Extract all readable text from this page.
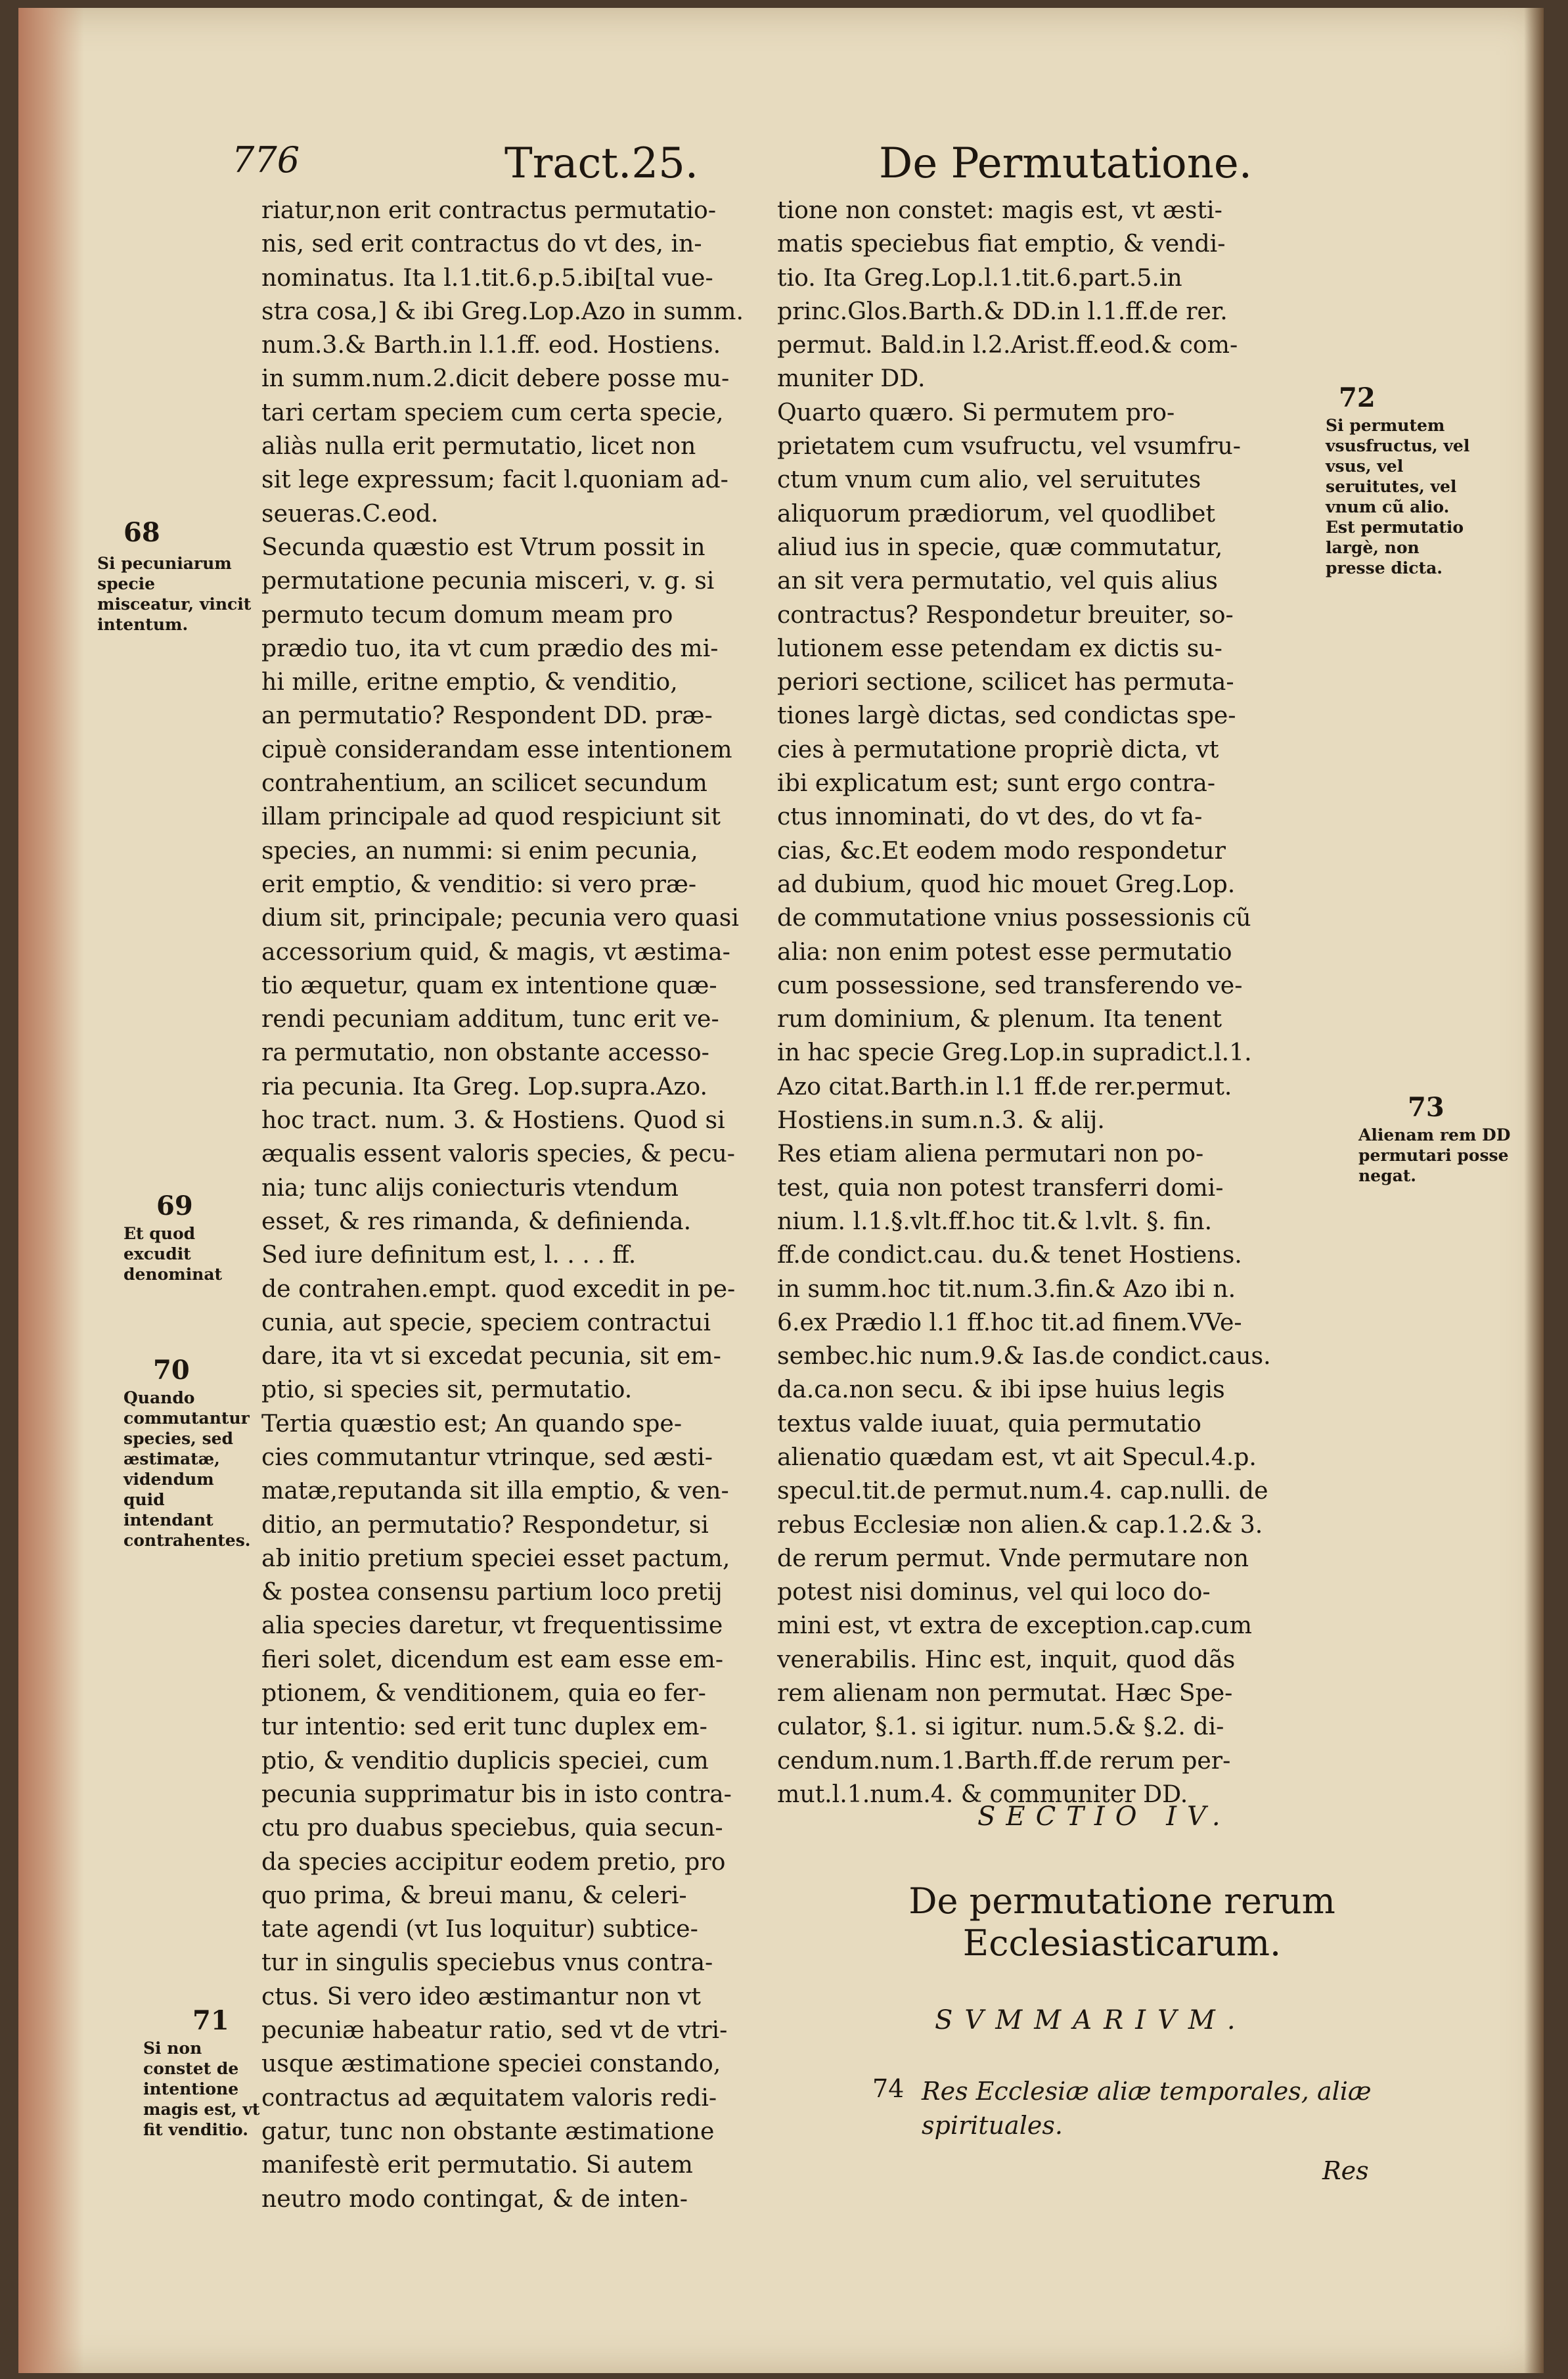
776	Tract.25.	De Permutatione.
riatur,non erit contractus permutatio-
nis, sed erit contractus do vt des, in-
nominatus. Ita l.1.tit.6.p.5.ibi[tal vue-
stra cosa,] & ibi Greg.Lop.Azo in summ.
num.3.& Barth.in l.1.ff. eod. Hostiens.
in summ.num.2.dicit debere posse mu-
tari certam speciem cum certa specie,
aliàs nulla erit permutatio, licet non
sit lege expressum; facit l.quoniam ad-
seueras.C.eod.
Secunda quæstio est Vtrum possit in
permutatione pecunia misceri, v. g. si
permuto tecum domum meam pro
prædio tuo, ita vt cum prædio des mi-
hi mille, eritne emptio, & venditio,
an permutatio? Respondent DD. præ-
cipuè considerandam esse intentionem
contrahentium, an scilicet secundum
illam principale ad quod respiciunt sit
species, an nummi: si enim pecunia,
erit emptio, & venditio: si vero præ-
dium sit, principale; pecunia vero quasi
accessorium quid, & magis, vt æstima-
tio æquetur, quam ex intentione quæ-
rendi pecuniam additum, tunc erit ve-
ra permutatio, non obstante accesso-
ria pecunia. Ita Greg. Lop.supra.Azo.
hoc tract. num. 3. & Hostiens. Quod si
æqualis essent valoris species, & pecu-
nia; tunc alijs coniecturis vtendum
esset, & res rimanda, & definienda.
Sed iure definitum est, l. . . . ff.
de contrahen.empt. quod excedit in pe-
cunia, aut specie, speciem contractui
dare, ita vt si excedat pecunia, sit em-
ptio, si species sit, permutatio.
Tertia quæstio est; An quando spe-
cies commutantur vtrinque, sed æsti-
matæ,reputanda sit illa emptio, & ven-
ditio, an permutatio? Respondetur, si
ab initio pretium speciei esset pactum,
& postea consensu partium loco pretij
alia species daretur, vt frequentissime
fieri solet, dicendum est eam esse em-
ptionem, & venditionem, quia eo fer-
tur intentio: sed erit tunc duplex em-
ptio, & venditio duplicis speciei, cum
pecunia supprimatur bis in isto contra-
ctu pro duabus speciebus, quia secun-
da species accipitur eodem pretio, pro
quo prima, & breui manu, & celeri-
tate agendi (vt Ius loquitur) subtice-
tur in singulis speciebus vnus contra-
ctus. Si vero ideo æstimantur non vt
pecuniæ habeatur ratio, sed vt de vtri-
usque æstimatione speciei constando,
contractus ad æquitatem valoris redi-
gatur, tunc non obstante æstimatione
manifestè erit permutatio. Si autem
neutro modo contingat, & de inten-
tione non constet: magis est, vt æsti-
matis speciebus fiat emptio, & vendi-
tio. Ita Greg.Lop.l.1.tit.6.part.5.in
princ.Glos.Barth.& DD.in l.1.ff.de rer.
permut. Bald.in l.2.Arist.ff.eod.& com-
muniter DD.
Quarto quæro. Si permutem pro-
prietatem cum vsufructu, vel vsumfru-
ctum vnum cum alio, vel seruitutes
aliquorum prædiorum, vel quodlibet
aliud ius in specie, quæ commutatur,
an sit vera permutatio, vel quis alius
contractus? Respondetur breuiter, so-
lutionem esse petendam ex dictis su-
periori sectione, scilicet has permuta-
tiones largè dictas, sed condictas spe-
cies à permutatione propriè dicta, vt
ibi explicatum est; sunt ergo contra-
ctus innominati, do vt des, do vt fa-
cias, &c.Et eodem modo respondetur
ad dubium, quod hic mouet Greg.Lop.
de commutatione vnius possessionis cũ
alia: non enim potest esse permutatio
cum possessione, sed transferendo ve-
rum dominium, & plenum. Ita tenent
in hac specie Greg.Lop.in supradict.l.1.
Azo citat.Barth.in l.1 ff.de rer.permut.
Hostiens.in sum.n.3. & alij.
Res etiam aliena permutari non po-
test, quia non potest transferri domi-
nium. l.1.§.vlt.ff.hoc tit.& l.vlt. §. fin.
ff.de condict.cau. du.& tenet Hostiens.
in summ.hoc tit.num.3.fin.& Azo ibi n.
6.ex Prædio l.1 ff.hoc tit.ad finem.VVe-
sembec.hic num.9.& Ias.de condict.caus.
da.ca.non secu. & ibi ipse huius legis
textus valde iuuat, quia permutatio
alienatio quædam est, vt ait Specul.4.p.
specul.tit.de permut.num.4. cap.nulli. de
rebus Ecclesiæ non alien.& cap.1.2.& 3.
de rerum permut. Vnde permutare non
potest nisi dominus, vel qui loco do-
mini est, vt extra de exception.cap.cum
venerabilis. Hinc est, inquit, quod dãs
rem alienam non permutat. Hæc Spe-
culator, §.1. si igitur. num.5.& §.2. di-
cendum.num.1.Barth.ff.de rerum per-
mut.l.1.num.4. & communiter DD.
68
Si pecuniarum specie misceatur, vincit intentum.
69
Et quod excudit denominat
70
Quando commutantur species, sed æstimatæ, videndum quid intendant contrahentes.
71
Si non constet de intentione magis est, vt fit venditio.
72
Si permutem vsusfructus, vel vsus, vel seruitutes, vel vnum cũ alio. Est permutatio largè, non presse dicta.
73
Alienam rem DD permutari posse negat.
SECTIO IV.
De permutatione rerum Ecclesiasticarum.
SVMMARIVM.
74 Res Ecclesiæ aliæ temporales, aliæ spirituales.
Res
